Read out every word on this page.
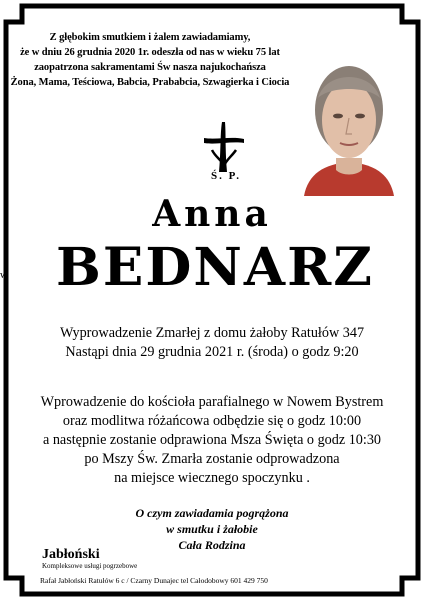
Z głębokim smutkiem i żalem zawiadamiamy,
że w dniu 26 grudnia 2020 1r. odeszła od nas w wieku 75 lat
zaopatrzona sakramentami Św nasza najukochańsza
Żona, Mama, Teściowa, Babcia, Prababcia, Szwagierka i Ciocia
Ś. P.
Anna
BEDNARZ
w.
Wyprowadzenie Zmarłej z domu żałoby Ratułów 347
Nastąpi dnia 29 grudnia 2021 r. (środa) o godz 9:20
Wprowadzenie do kościoła parafialnego w Nowem Bystrem
oraz modlitwa różańcowa odbędzie się o godz 10:00
a następnie zostanie odprawiona Msza Święta o godz 10:30
po Mszy Św. Zmarła zostanie odprowadzona
na miejsce wiecznego spoczynku .
O czym zawiadamia pogrążona
w smutku i żałobie
Cała Rodzina
Jabłoński
Kompleksowe usługi pogrzebowe
Rafał Jabłoński Ratułów 6 c / Czarny Dunajec tel Całodobowy 601 429 750
